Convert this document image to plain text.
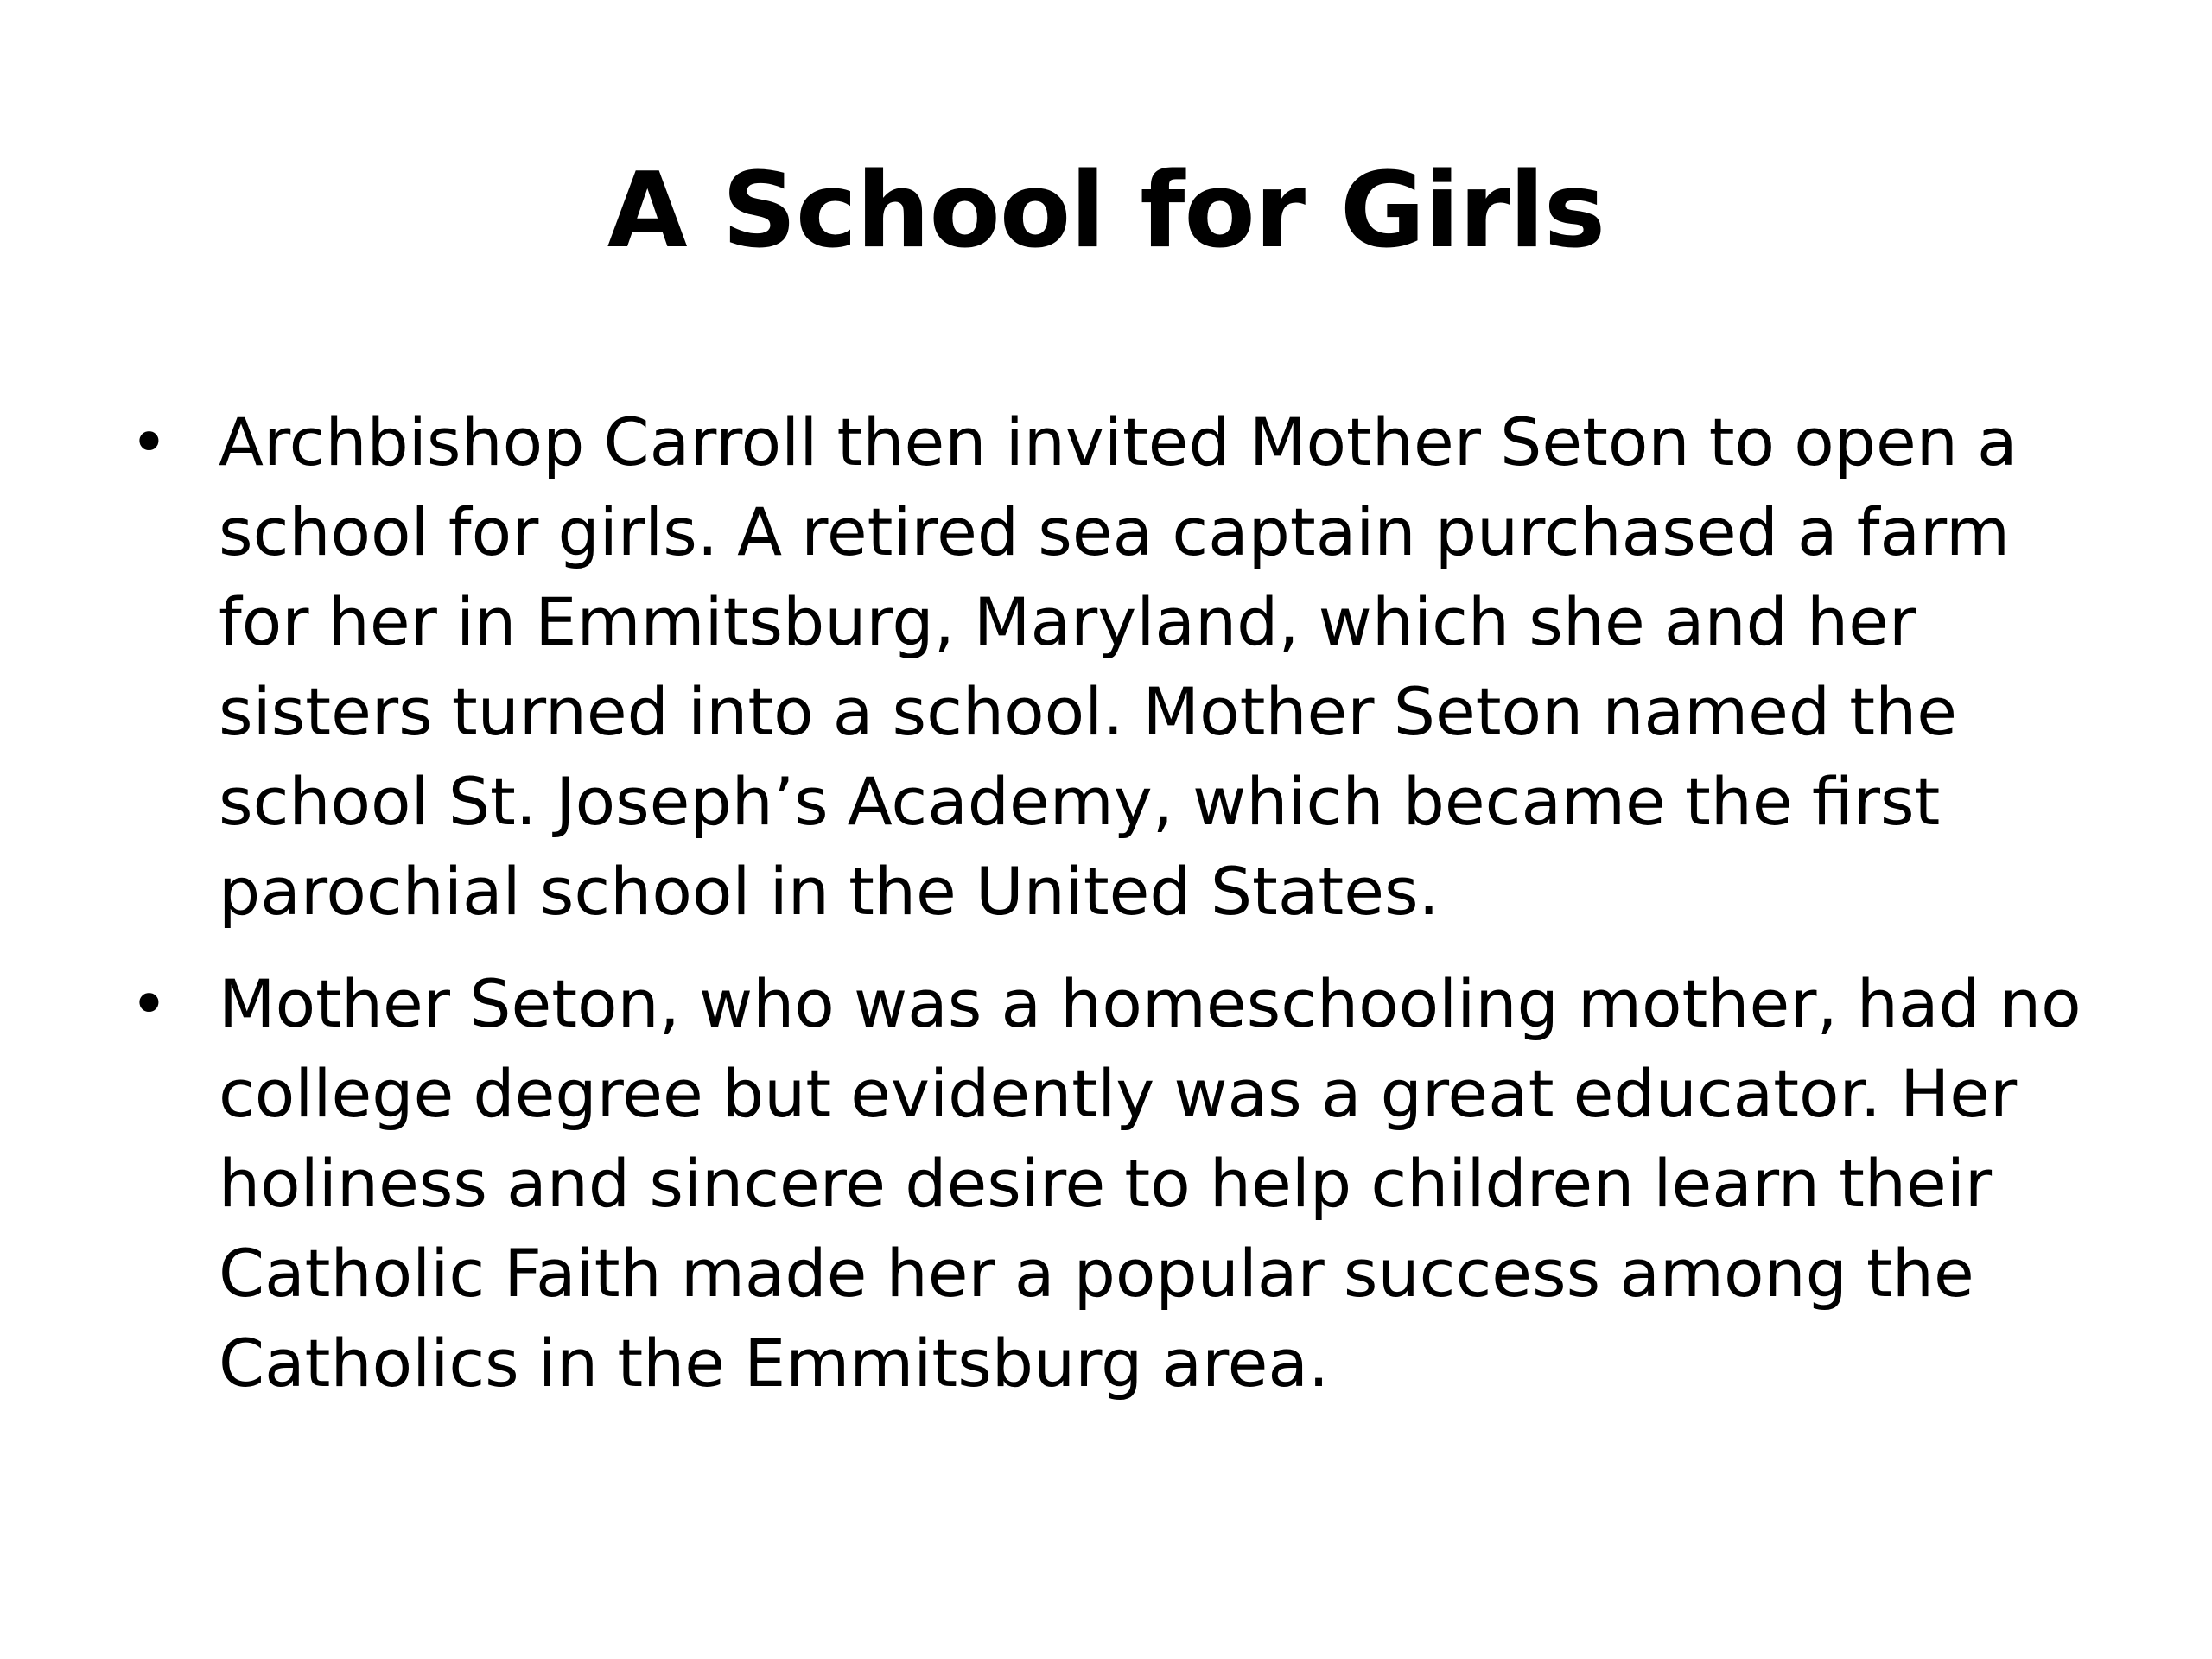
A School for Girls
• Archbishop Carroll then invited Mother Seton to open a school for girls. A retired sea captain purchased a farm for her in Emmitsburg, Maryland, which she and her sisters turned into a school. Mother Seton named the school St. Joseph’s Academy, which became the first parochial school in the United States.
• Mother Seton, who was a homeschooling mother, had no college degree but evidently was a great educator. Her holiness and sincere desire to help children learn their Catholic Faith made her a popular success among the Catholics in the Emmitsburg area.
